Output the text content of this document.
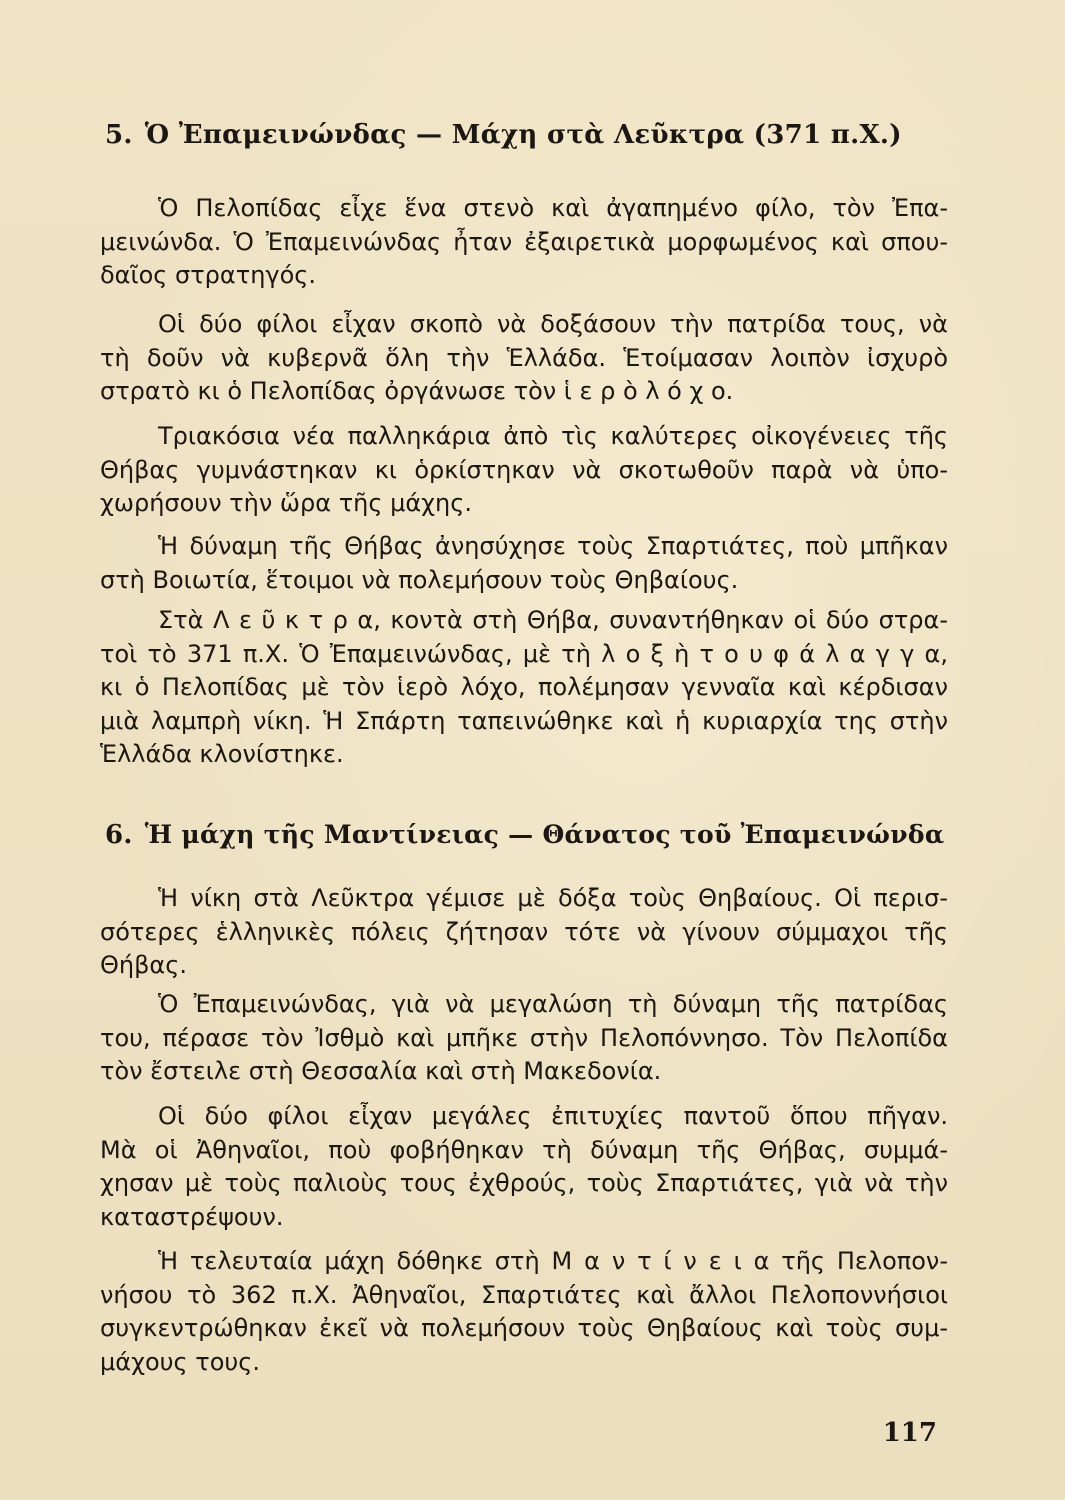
5. Ὁ Ἐπαμεινώνδας — Μάχη στὰ Λεῦκτρα (371 π.Χ.)

Ὁ Πελοπίδας εἶχε ἕνα στενὸ καὶ ἀγαπημένο φίλο, τὸν Ἐπα-
μεινώνδα. Ὁ Ἐπαμεινώνδας ἦταν ἐξαιρετικὰ μορφωμένος καὶ σπου-
δαῖος στρατηγός.

Οἱ δύο φίλοι εἶχαν σκοπὸ νὰ δοξάσουν τὴν πατρίδα τους, νὰ
τὴ δοῦν νὰ κυβερνᾶ ὅλη τὴν Ἑλλάδα. Ἑτοίμασαν λοιπὸν ἰσχυρὸ
στρατὸ κι ὁ Πελοπίδας ὀργάνωσε τὸν ἱ ε ρ ὸ λ ό χ ο.

Τριακόσια νέα παλληκάρια ἀπὸ τὶς καλύτερες οἰκογένειες τῆς
Θήβας γυμνάστηκαν κι ὁρκίστηκαν νὰ σκοτωθοῦν παρὰ νὰ ὑπο-
χωρήσουν τὴν ὥρα τῆς μάχης.

Ἡ δύναμη τῆς Θήβας ἀνησύχησε τοὺς Σπαρτιάτες, ποὺ μπῆκαν
στὴ Βοιωτία, ἕτοιμοι νὰ πολεμήσουν τοὺς Θηβαίους.

Στὰ Λ ε ῦ κ τ ρ α, κοντὰ στὴ Θήβα, συναντήθηκαν οἱ δύο στρα-
τοὶ τὸ 371 π.Χ. Ὁ Ἐπαμεινώνδας, μὲ τὴ λ ο ξ ὴ τ ο υ φ ά λ α γ γ α,
κι ὁ Πελοπίδας μὲ τὸν ἱερὸ λόχο, πολέμησαν γενναῖα καὶ κέρδισαν
μιὰ λαμπρὴ νίκη. Ἡ Σπάρτη ταπεινώθηκε καὶ ἡ κυριαρχία της στὴν
Ἑλλάδα κλονίστηκε.

6. Ἡ μάχη τῆς Μαντίνειας — Θάνατος τοῦ Ἐπαμεινώνδα

Ἡ νίκη στὰ Λεῦκτρα γέμισε μὲ δόξα τοὺς Θηβαίους. Οἱ περισ-
σότερες ἑλληνικὲς πόλεις ζήτησαν τότε νὰ γίνουν σύμμαχοι τῆς
Θήβας.

Ὁ Ἐπαμεινώνδας, γιὰ νὰ μεγαλώση τὴ δύναμη τῆς πατρίδας
του, πέρασε τὸν Ἰσθμὸ καὶ μπῆκε στὴν Πελοπόννησο. Τὸν Πελοπίδα
τὸν ἔστειλε στὴ Θεσσαλία καὶ στὴ Μακεδονία.

Οἱ δύο φίλοι εἶχαν μεγάλες ἐπιτυχίες παντοῦ ὅπου πῆγαν.
Μὰ οἱ Ἀθηναῖοι, ποὺ φοβήθηκαν τὴ δύναμη τῆς Θήβας, συμμά-
χησαν μὲ τοὺς παλιοὺς τους ἐχθρούς, τοὺς Σπαρτιάτες, γιὰ νὰ τὴν
καταστρέψουν.

Ἡ τελευταία μάχη δόθηκε στὴ Μ α ν τ ί ν ε ι α τῆς Πελοπον-
νήσου τὸ 362 π.Χ. Ἀθηναῖοι, Σπαρτιάτες καὶ ἄλλοι Πελοποννήσιοι
συγκεντρώθηκαν ἐκεῖ νὰ πολεμήσουν τοὺς Θηβαίους καὶ τοὺς συμ-
μάχους τους.

117
